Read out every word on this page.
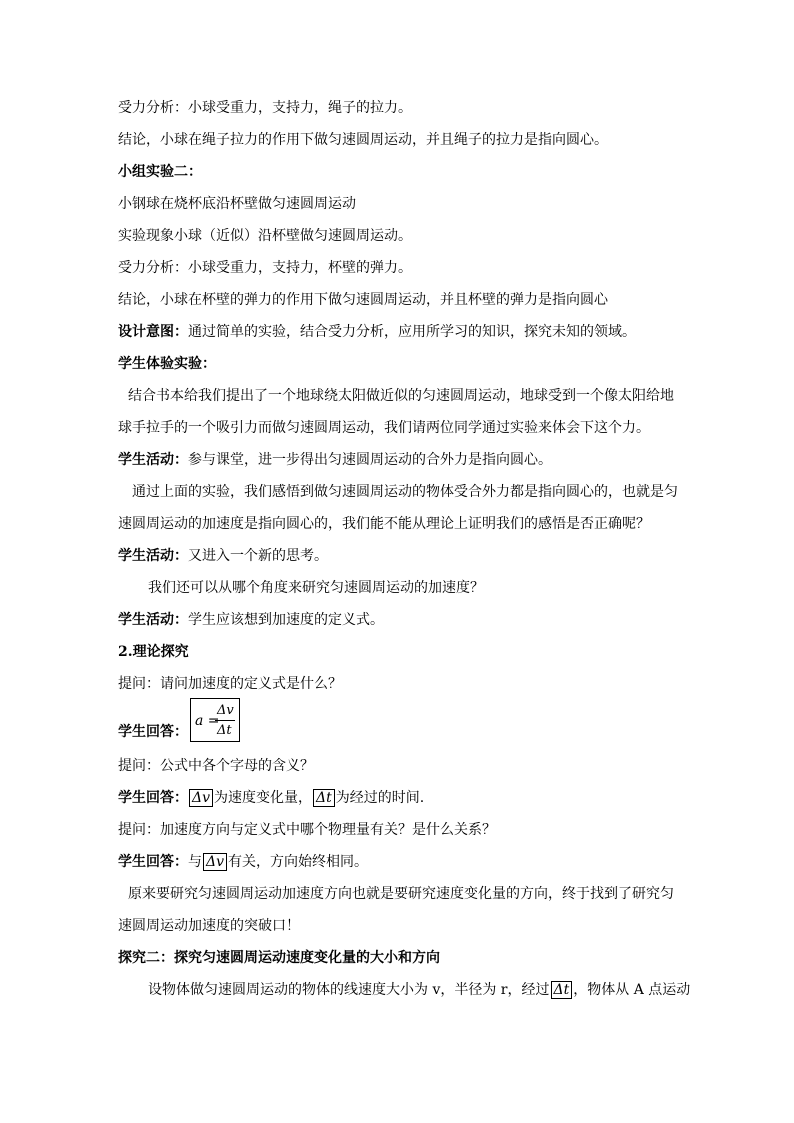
受力分析：小球受重力，支持力，绳子的拉力。
结论，小球在绳子拉力的作用下做匀速圆周运动，并且绳子的拉力是指向圆心。
小组实验二：
小钢球在烧杯底沿杯壁做匀速圆周运动
实验现象小球（近似）沿杯壁做匀速圆周运动。
受力分析：小球受重力，支持力，杯壁的弹力。
结论，小球在杯壁的弹力的作用下做匀速圆周运动，并且杯壁的弹力是指向圆心
设计意图：通过简单的实验，结合受力分析，应用所学习的知识，探究未知的领域。
学生体验实验：
结合书本给我们提出了一个地球绕太阳做近似的匀速圆周运动，地球受到一个像太阳给地
球手拉手的一个吸引力而做匀速圆周运动，我们请两位同学通过实验来体会下这个力。
学生活动：参与课堂，进一步得出匀速圆周运动的合外力是指向圆心。
通过上面的实验，我们感悟到做匀速圆周运动的物体受合外力都是指向圆心的，也就是匀
速圆周运动的加速度是指向圆心的，我们能不能从理论上证明我们的感悟是否正确呢？
学生活动：又进入一个新的思考。
我们还可以从哪个角度来研究匀速圆周运动的加速度？
学生活动：学生应该想到加速度的定义式。
2.理论探究
提问：请问加速度的定义式是什么？
学生回答：
a =
Δv
Δt
提问：公式中各个字母的含义？
学生回答： Δv 为速度变化量， Δt 为经过的时间.
提问：加速度方向与定义式中哪个物理量有关？是什么关系？
学生回答：与 Δv 有关，方向始终相同。
原来要研究匀速圆周运动加速度方向也就是要研究速度变化量的方向，终于找到了研究匀
速圆周运动加速度的突破口！
探究二：探究匀速圆周运动速度变化量的大小和方向
设物体做匀速圆周运动的物体的线速度大小为 v，半径为 r，经过 Δt ，物体从 A 点运动
